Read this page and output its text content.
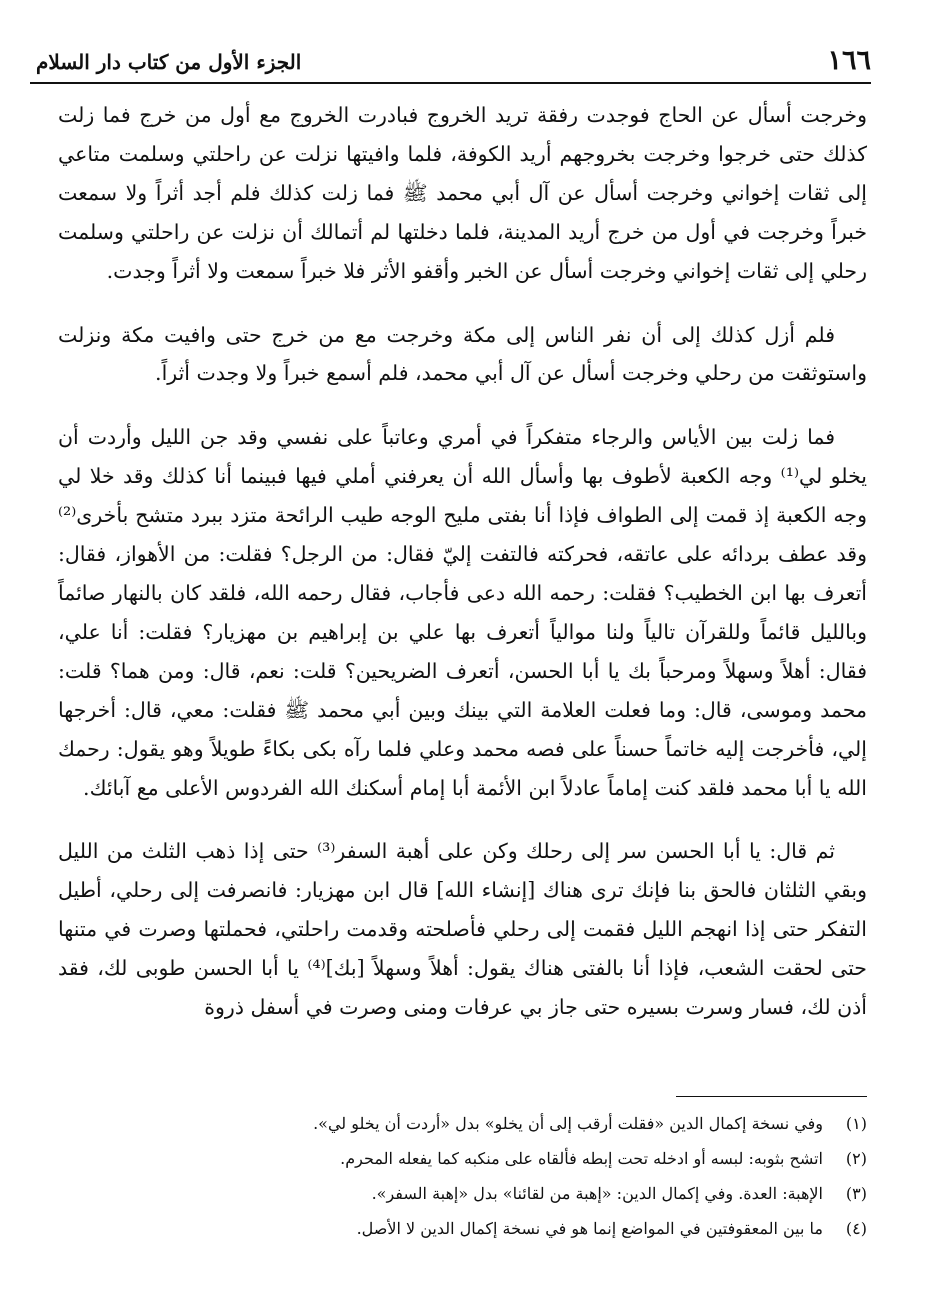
١٦٦
الجزء الأول من كتاب دار السلام

وخرجت أسأل عن الحاج فوجدت رفقة تريد الخروج فبادرت الخروج مع أول من خرج فما زلت كذلك حتى خرجوا وخرجت بخروجهم أريد الكوفة، فلما وافيتها نزلت عن راحلتي وسلمت متاعي إلى ثقات إخواني وخرجت أسأل عن آل أبي محمد ﷺ فما زلت كذلك فلم أجد أثراً ولا سمعت خبراً وخرجت في أول من خرج أريد المدينة، فلما دخلتها لم أتمالك أن نزلت عن راحلتي وسلمت رحلي إلى ثقات إخواني وخرجت أسأل عن الخبر وأقفو الأثر فلا خبراً سمعت ولا أثراً وجدت.

فلم أزل كذلك إلى أن نفر الناس إلى مكة وخرجت مع من خرج حتى وافيت مكة ونزلت واستوثقت من رحلي وخرجت أسأل عن آل أبي محمد، فلم أسمع خبراً ولا وجدت أثراً.

فما زلت بين الأياس والرجاء متفكراً في أمري وعاتباً على نفسي وقد جن الليل وأردت أن يخلو لي⁽¹⁾ وجه الكعبة لأطوف بها وأسأل الله أن يعرفني أملي فيها فبينما أنا كذلك وقد خلا لي وجه الكعبة إذ قمت إلى الطواف فإذا أنا بفتى مليح الوجه طيب الرائحة متزد ببرد متشح بأخرى⁽²⁾ وقد عطف بردائه على عاتقه، فحركته فالتفت إليّ فقال: من الرجل؟ فقلت: من الأهواز، فقال: أتعرف بها ابن الخطيب؟ فقلت: رحمه الله دعى فأجاب، فقال رحمه الله، فلقد كان بالنهار صائماً وبالليل قائماً وللقرآن تالياً ولنا موالياً أتعرف بها علي بن إبراهيم بن مهزيار؟ فقلت: أنا علي، فقال: أهلاً وسهلاً ومرحباً بك يا أبا الحسن، أتعرف الضريحين؟ قلت: نعم، قال: ومن هما؟ قلت: محمد وموسى، قال: وما فعلت العلامة التي بينك وبين أبي محمد ﷺ فقلت: معي، قال: أخرجها إلي، فأخرجت إليه خاتماً حسناً على فصه محمد وعلي فلما رآه بكى بكاءً طويلاً وهو يقول: رحمك الله يا أبا محمد فلقد كنت إماماً عادلاً ابن الأئمة أبا إمام أسكنك الله الفردوس الأعلى مع آبائك.

ثم قال: يا أبا الحسن سر إلى رحلك وكن على أهبة السفر⁽³⁾ حتى إذا ذهب الثلث من الليل وبقي الثلثان فالحق بنا فإنك ترى هناك [إنشاء الله] قال ابن مهزيار: فانصرفت إلى رحلي، أطيل التفكر حتى إذا انهجم الليل فقمت إلى رحلي فأصلحته وقدمت راحلتي، فحملتها وصرت في متنها حتى لحقت الشعب، فإذا أنا بالفتى هناك يقول: أهلاً وسهلاً [بك]⁽⁴⁾ يا أبا الحسن طوبى لك، فقد أذن لك، فسار وسرت بسيره حتى جاز بي عرفات ومنى وصرت في أسفل ذروة

(١)
وفي نسخة إكمال الدين «فقلت أرقب إلى أن يخلو» بدل «أردت أن يخلو لي».
(٢)
اتشح بثوبه: لبسه أو ادخله تحت إبطه فألقاه على منكبه كما يفعله المحرم.
(٣)
الإهبة: العدة. وفي إكمال الدين: «إهبة من لقائنا» بدل «إهبة السفر».
(٤)
ما بين المعقوفتين في المواضع إنما هو في نسخة إكمال الدين لا الأصل.
